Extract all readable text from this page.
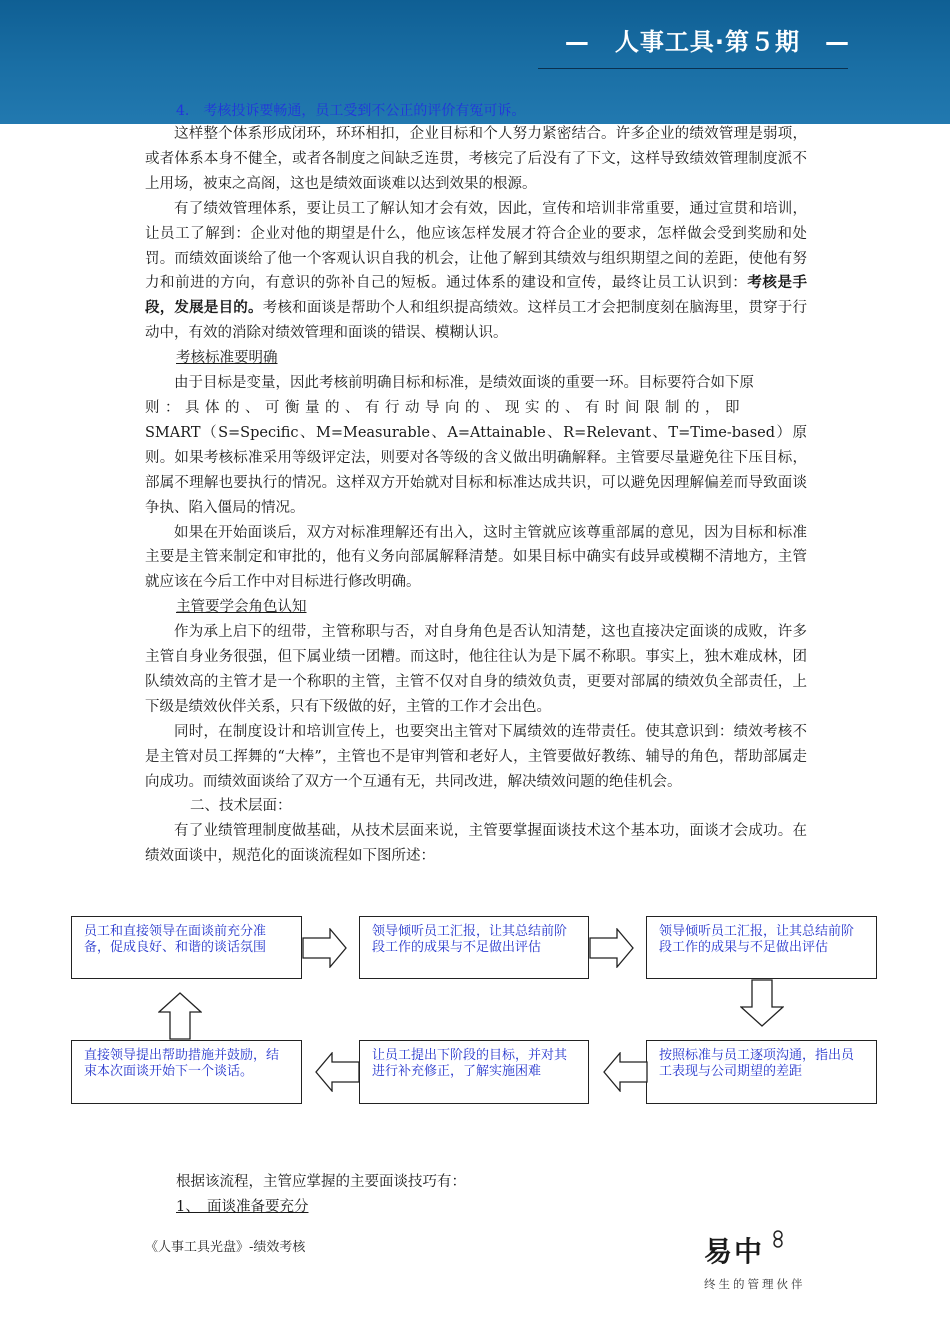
—　人事工具·第５期　—
4.　考核投诉要畅通，员工受到不公正的评价有冤可诉。

这样整个体系形成闭环，环环相扣，企业目标和个人努力紧密结合。许多企业的绩效管理是弱项，或者体系本身不健全，或者各制度之间缺乏连贯，考核完了后没有了下文，这样导致绩效管理制度派不上用场，被束之高阁，这也是绩效面谈难以达到效果的根源。

有了绩效管理体系，要让员工了解认知才会有效，因此，宣传和培训非常重要，通过宣贯和培训，让员工了解到：企业对他的期望是什么，他应该怎样发展才符合企业的要求，怎样做会受到奖励和处罚。而绩效面谈给了他一个客观认识自我的机会，让他了解到其绩效与组织期望之间的差距，使他有努力和前进的方向，有意识的弥补自己的短板。通过体系的建设和宣传，最终让员工认识到：考核是手段，发展是目的。考核和面谈是帮助个人和组织提高绩效。这样员工才会把制度刻在脑海里，贯穿于行动中，有效的消除对绩效管理和面谈的错误、模糊认识。

考核标准要明确

由于目标是变量，因此考核前明确目标和标准，是绩效面谈的重要一环。目标要符合如下原

则：具体的、可衡量的、有行动导向的、现实的、有时间限制的，即

SMART（S=Specific、M=Measurable、A=Attainable、R=Relevant、T=Time-based）原则。如果考核标准采用等级评定法，则要对各等级的含义做出明确解释。主管要尽量避免往下压目标，部属不理解也要执行的情况。这样双方开始就对目标和标准达成共识，可以避免因理解偏差而导致面谈争执、陷入僵局的情况。

如果在开始面谈后，双方对标准理解还有出入，这时主管就应该尊重部属的意见，因为目标和标准主要是主管来制定和审批的，他有义务向部属解释清楚。如果目标中确实有歧异或模糊不清地方，主管就应该在今后工作中对目标进行修改明确。

主管要学会角色认知

作为承上启下的纽带，主管称职与否，对自身角色是否认知清楚，这也直接决定面谈的成败，许多主管自身业务很强，但下属业绩一团糟。而这时，他往往认为是下属不称职。事实上，独木难成林，团队绩效高的主管才是一个称职的主管，主管不仅对自身的绩效负责，更要对部属的绩效负全部责任，上下级是绩效伙伴关系，只有下级做的好，主管的工作才会出色。

同时，在制度设计和培训宣传上，也要突出主管对下属绩效的连带责任。使其意识到：绩效考核不是主管对员工挥舞的“大棒”，主管也不是审判管和老好人，主管要做好教练、辅导的角色，帮助部属走向成功。而绩效面谈给了双方一个互通有无，共同改进，解决绩效问题的绝佳机会。

二、技术层面：

有了业绩管理制度做基础，从技术层面来说，主管要掌握面谈技术这个基本功，面谈才会成功。在绩效面谈中，规范化的面谈流程如下图所述：

员工和直接领导在面谈前充分准备，促成良好、和谐的谈话氛围
领导倾听员工汇报，让其总结前阶段工作的成果与不足做出评估
领导倾听员工汇报，让其总结前阶段工作的成果与不足做出评估
按照标准与员工逐项沟通，指出员工表现与公司期望的差距
让员工提出下阶段的目标，并对其进行补充修正，了解实施困难
直接领导提出帮助措施并鼓励，结束本次面谈开始下一个谈话。
根据该流程，主管应掌握的主要面谈技巧有：
1、　面谈准备要充分
《人事工具光盘》-绩效考核	易中
终生的管理伙伴
